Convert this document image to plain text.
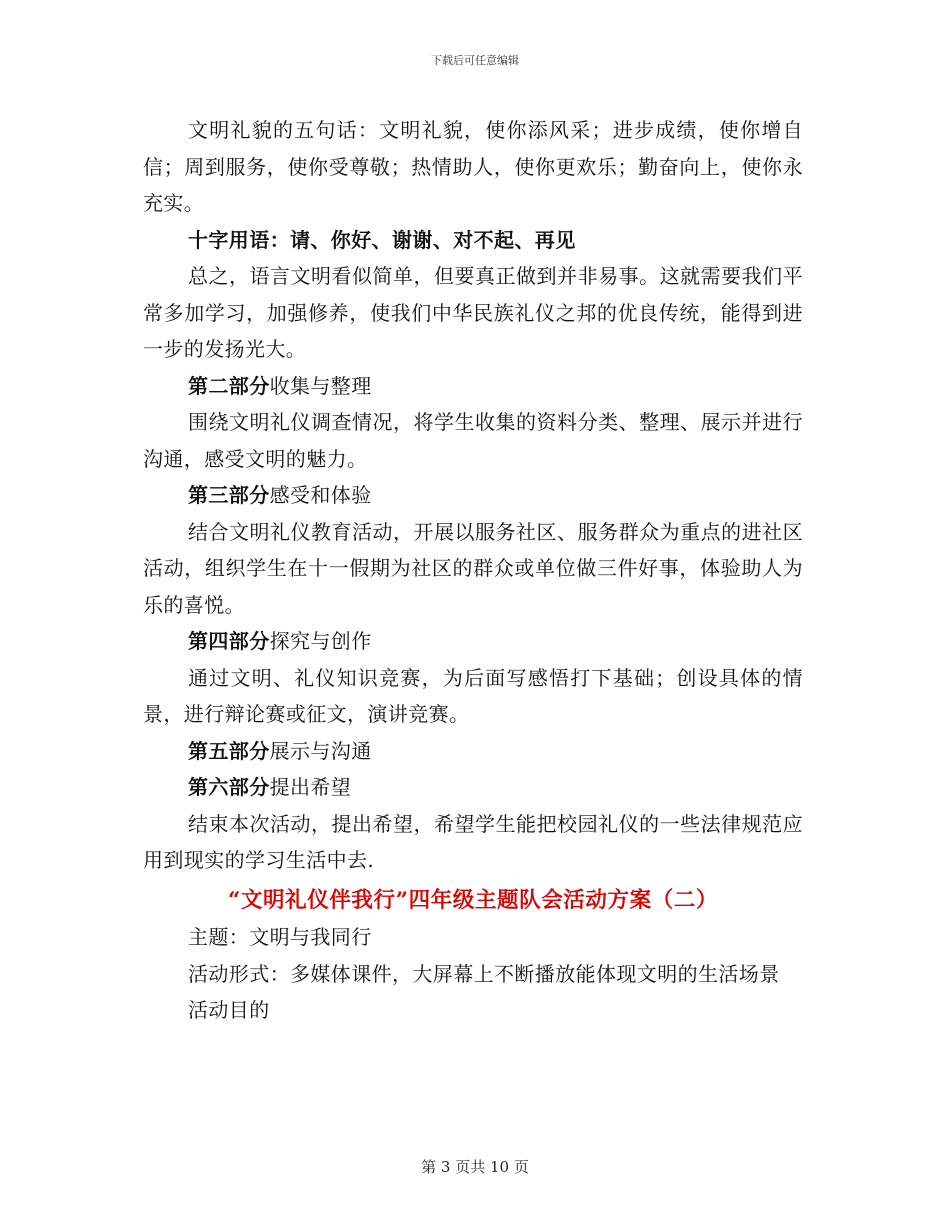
下载后可任意编辑

文明礼貌的五句话：文明礼貌，使你添风采；进步成绩，使你增自信；周到服务，使你受尊敬；热情助人，使你更欢乐；勤奋向上，使你永充实。

十字用语：请、你好、谢谢、对不起、再见

总之，语言文明看似简单，但要真正做到并非易事。这就需要我们平常多加学习，加强修养，使我们中华民族礼仪之邦的优良传统，能得到进一步的发扬光大。

第二部分收集与整理

围绕文明礼仪调查情况，将学生收集的资料分类、整理、展示并进行沟通，感受文明的魅力。

第三部分感受和体验

结合文明礼仪教育活动，开展以服务社区、服务群众为重点的进社区活动，组织学生在十一假期为社区的群众或单位做三件好事，体验助人为乐的喜悦。

第四部分探究与创作

通过文明、礼仪知识竞赛，为后面写感悟打下基础；创设具体的情景，进行辩论赛或征文，演讲竞赛。

第五部分展示与沟通

第六部分提出希望

结束本次活动，提出希望，希望学生能把校园礼仪的一些法律规范应用到现实的学习生活中去.

“文明礼仪伴我行”四年级主题队会活动方案（二）

主题：文明与我同行

活动形式：多媒体课件，大屏幕上不断播放能体现文明的生活场景

活动目的

第 3 页共 10 页
